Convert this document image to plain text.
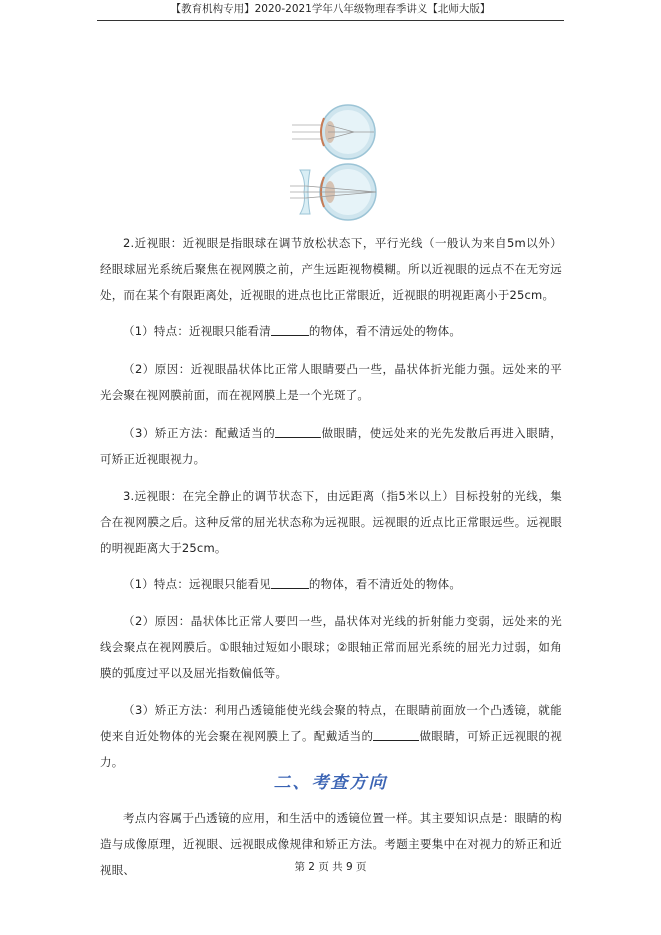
【教育机构专用】2020-2021学年八年级物理春季讲义【北师大版】

2.近视眼：近视眼是指眼球在调节放松状态下，平行光线（一般认为来自5m以外）经眼球屈光系统后聚焦在视网膜之前，产生远距视物模糊。所以近视眼的远点不在无穷远处，而在某个有限距离处，近视眼的进点也比正常眼近，近视眼的明视距离小于25cm。

（1）特点：近视眼只能看清	的物体，看不清远处的物体。

（2）原因：近视眼晶状体比正常人眼睛要凸一些，晶状体折光能力强。远处来的平光会聚在视网膜前面，而在视网膜上是一个光斑了。

（3）矫正方法：配戴适当的	做眼睛，使远处来的光先发散后再进入眼睛，可矫正近视眼视力。

3.远视眼：在完全静止的调节状态下，由远距离（指5米以上）目标投射的光线，集合在视网膜之后。这种反常的屈光状态称为远视眼。远视眼的近点比正常眼远些。远视眼的明视距离大于25cm。

（1）特点：远视眼只能看见	的物体，看不清近处的物体。

（2）原因：晶状体比正常人要凹一些，晶状体对光线的折射能力变弱，远处来的光线会聚点在视网膜后。①眼轴过短如小眼球；②眼轴正常而屈光系统的屈光力过弱，如角膜的弧度过平以及屈光指数偏低等。

（3）矫正方法：利用凸透镜能使光线会聚的特点，在眼睛前面放一个凸透镜，就能使来自近处物体的光会聚在视网膜上了。配戴适当的	做眼睛，可矫正远视眼的视力。

二、考查方向

考点内容属于凸透镜的应用，和生活中的透镜位置一样。其主要知识点是：眼睛的构造与成像原理，近视眼、远视眼成像规律和矫正方法。考题主要集中在对视力的矫正和近视眼、	第 2 页 共 9 页
